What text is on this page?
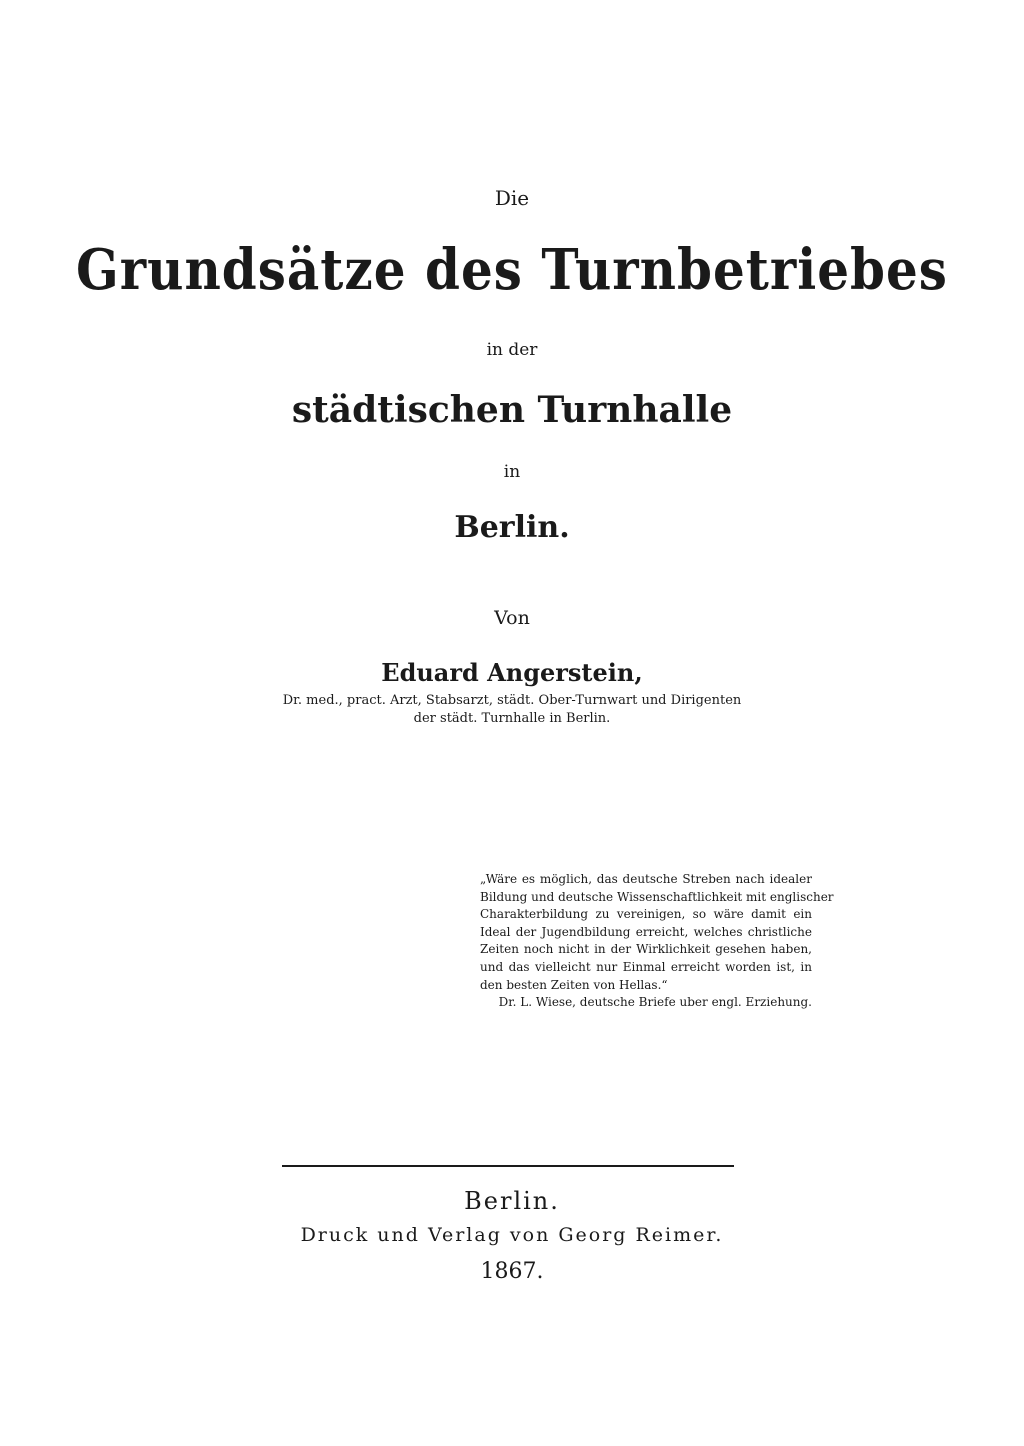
Die
Grundsätze des Turnbetriebes
in der
städtischen Turnhalle
in
Berlin.
Von
Eduard Angerstein,
Dr. med., pract. Arzt, Stabsarzt, städt. Ober-Turnwart und Dirigenten
der städt. Turnhalle in Berlin.
„Wäre es möglich, das deutsche Streben nach idealer
Bildung und deutsche Wissenschaftlichkeit mit englischer
Charakterbildung zu vereinigen, so wäre damit ein
Ideal der Jugendbildung erreicht, welches christliche
Zeiten noch nicht in der Wirklichkeit gesehen haben,
und das vielleicht nur Einmal erreicht worden ist, in
den besten Zeiten von Hellas.“
Dr. L. Wiese, deutsche Briefe uber engl. Erziehung.
Berlin.
Druck und Verlag von Georg Reimer.
1867.
